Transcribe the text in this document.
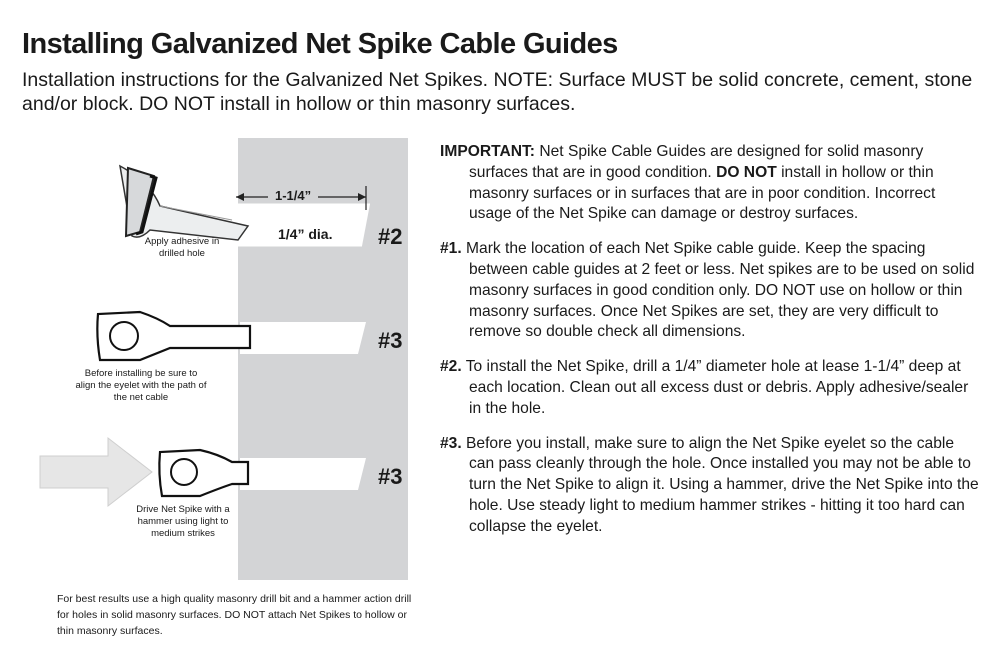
Installing Galvanized Net Spike Cable Guides
Installation instructions for the Galvanized Net Spikes. NOTE: Surface MUST be solid concrete, cement, stone and/or block. DO NOT install in hollow or thin masonry surfaces.
1-1/4”
1/4” dia. #2
#3
#3
Apply adhesive in drilled hole
Before installing be sure to align the eyelet with the path of the net cable
Drive Net Spike with a hammer using light to medium strikes
For best results use a high quality masonry drill bit and a hammer action drill for holes in solid masonry surfaces. DO NOT attach Net Spikes to hollow or thin masonry surfaces.

IMPORTANT: Net Spike Cable Guides are designed for solid masonry surfaces that are in good condition. DO NOT install in hollow or thin masonry surfaces or in surfaces that are in poor condition. Incorrect usage of the Net Spike can damage or destroy surfaces.

#1. Mark the location of each Net Spike cable guide. Keep the spacing between cable guides at 2 feet or less. Net spikes are to be used on solid masonry surfaces in good condition only. DO NOT use on hollow or thin masonry surfaces. Once Net Spikes are set, they are very difficult to remove so double check all dimensions.

#2. To install the Net Spike, drill a 1/4” diameter hole at lease 1-1/4” deep at each location. Clean out all excess dust or debris. Apply adhesive/sealer in the hole.

#3. Before you install, make sure to align the Net Spike eyelet so the cable can pass cleanly through the hole. Once installed you may not be able to turn the Net Spike to align it. Using a hammer, drive the Net Spike into the hole. Use steady light to medium hammer strikes - hitting it too hard can collapse the eyelet.
